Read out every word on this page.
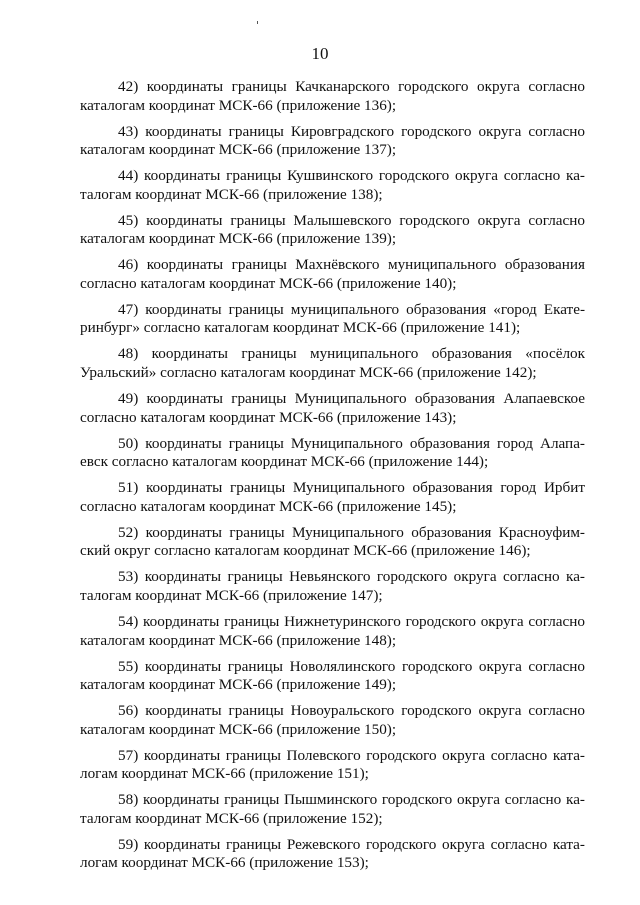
10
42) координаты границы Качканарского городского округа согласно
каталогам координат МСК-66 (приложение 136);
43) координаты границы Кировградского городского округа согласно
каталогам координат МСК-66 (приложение 137);
44) координаты границы Кушвинского городского округа согласно ка-
талогам координат МСК-66 (приложение 138);
45) координаты границы Малышевского городского округа согласно
каталогам координат МСК-66 (приложение 139);
46) координаты границы Махнёвского муниципального образования
согласно каталогам координат МСК-66 (приложение 140);
47) координаты границы муниципального образования «город Екате-
ринбург» согласно каталогам координат МСК-66 (приложение 141);
48) координаты границы муниципального образования «посёлок
Уральский» согласно каталогам координат МСК-66 (приложение 142);
49) координаты границы Муниципального образования Алапаевское
согласно каталогам координат МСК-66 (приложение 143);
50) координаты границы Муниципального образования город Алапа-
евск согласно каталогам координат МСК-66 (приложение 144);
51) координаты границы Муниципального образования город Ирбит
согласно каталогам координат МСК-66 (приложение 145);
52) координаты границы Муниципального образования Красноуфим-
ский округ согласно каталогам координат МСК-66 (приложение 146);
53) координаты границы Невьянского городского округа согласно ка-
талогам координат МСК-66 (приложение 147);
54) координаты границы Нижнетуринского городского округа согласно
каталогам координат МСК-66 (приложение 148);
55) координаты границы Новолялинского городского округа согласно
каталогам координат МСК-66 (приложение 149);
56) координаты границы Новоуральского городского округа согласно
каталогам координат МСК-66 (приложение 150);
57) координаты границы Полевского городского округа согласно ката-
логам координат МСК-66 (приложение 151);
58) координаты границы Пышминского городского округа согласно ка-
талогам координат МСК-66 (приложение 152);
59) координаты границы Режевского городского округа согласно ката-
логам координат МСК-66 (приложение 153);
